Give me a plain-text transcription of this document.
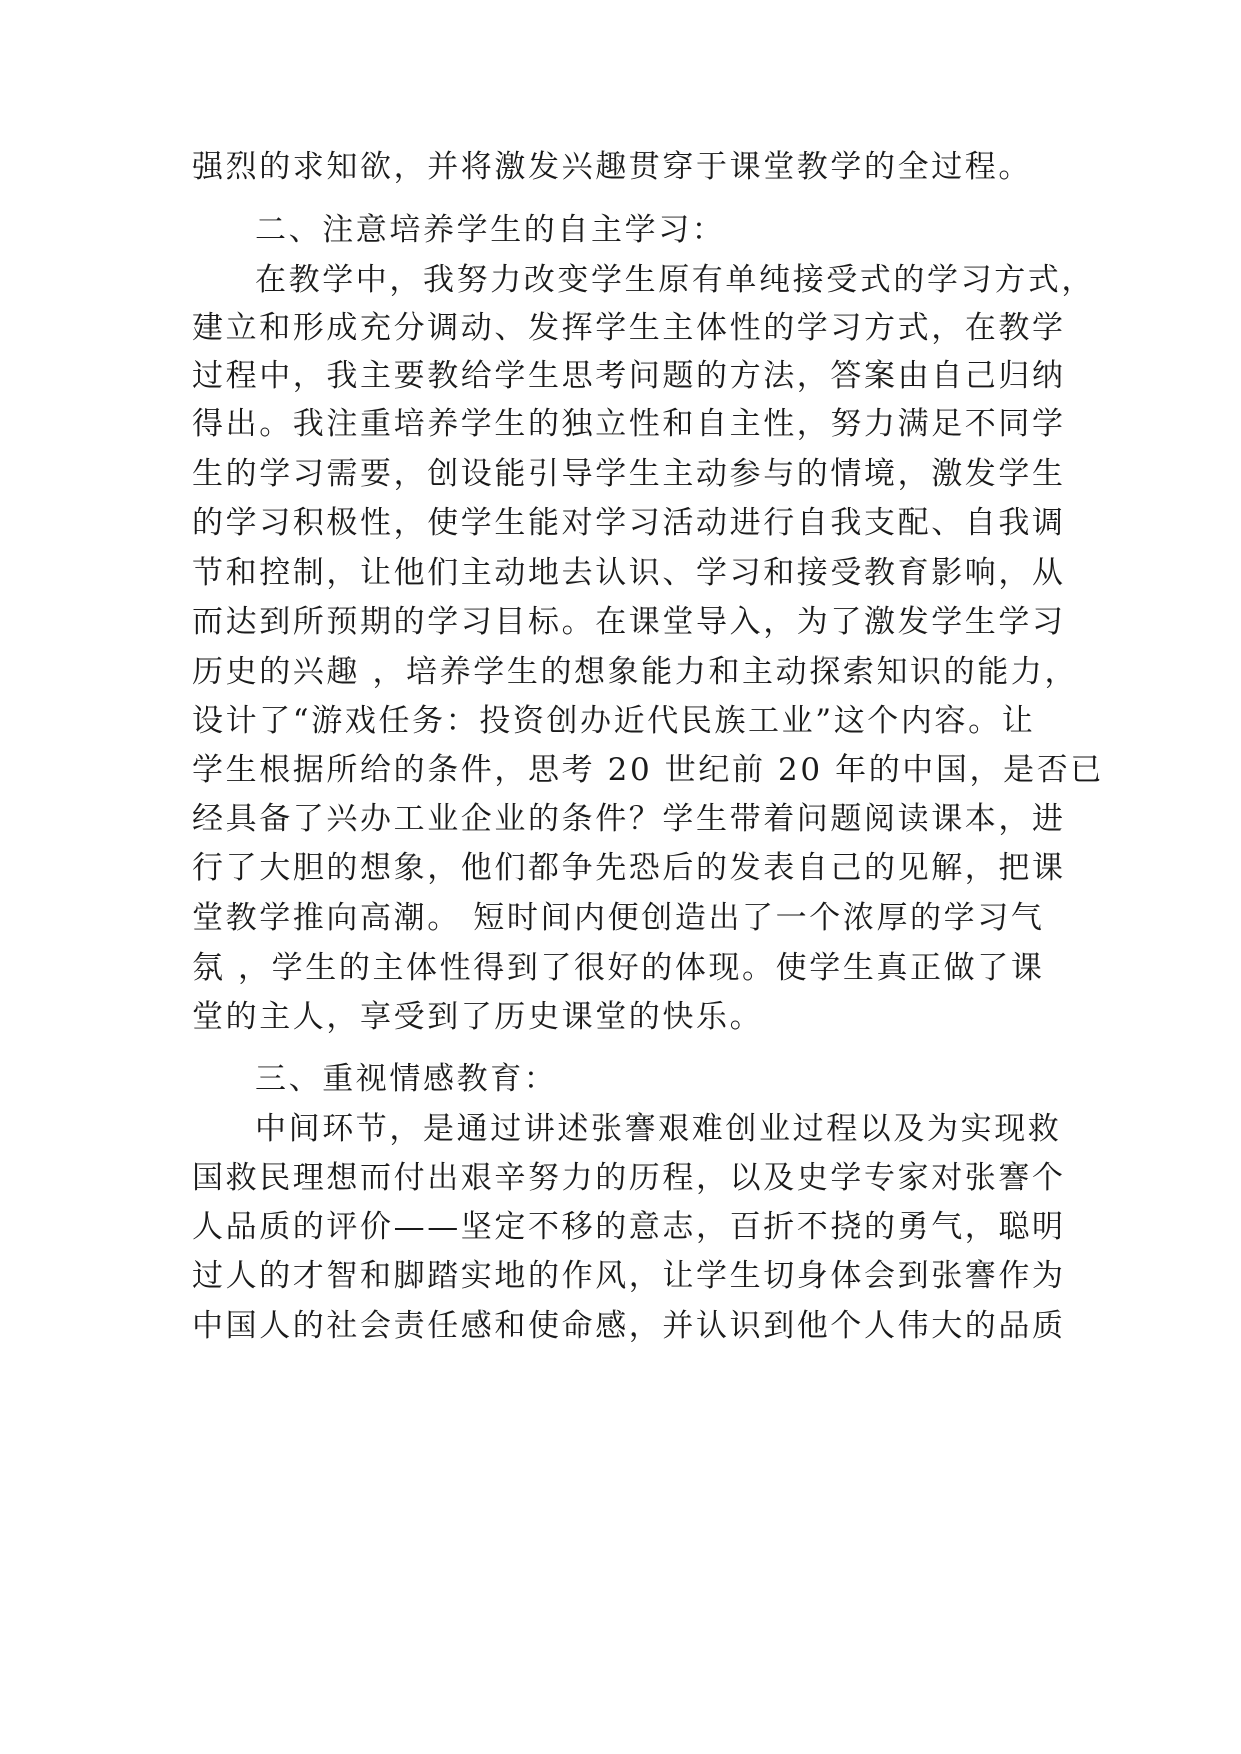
强烈的求知欲，并将激发兴趣贯穿于课堂教学的全过程。
二、注意培养学生的自主学习：
在教学中，我努力改变学生原有单纯接受式的学习方式，
建立和形成充分调动、发挥学生主体性的学习方式，在教学
过程中，我主要教给学生思考问题的方法，答案由自己归纳
得出。我注重培养学生的独立性和自主性，努力满足不同学
生的学习需要，创设能引导学生主动参与的情境，激发学生
的学习积极性，使学生能对学习活动进行自我支配、自我调
节和控制，让他们主动地去认识、学习和接受教育影响，从
而达到所预期的学习目标。在课堂导入，为了激发学生学习
历史的兴趣 ，培养学生的想象能力和主动探索知识的能力，
设计了“游戏任务：投资创办近代民族工业”这个内容。让
学生根据所给的条件，思考 20 世纪前 20 年的中国，是否已
经具备了兴办工业企业的条件？学生带着问题阅读课本，进
行了大胆的想象，他们都争先恐后的发表自己的见解，把课
堂教学推向高潮。 短时间内便创造出了一个浓厚的学习气
氛 ，学生的主体性得到了很好的体现。使学生真正做了课
堂的主人，享受到了历史课堂的快乐。
三、重视情感教育：
中间环节，是通过讲述张謇艰难创业过程以及为实现救
国救民理想而付出艰辛努力的历程，以及史学专家对张謇个
人品质的评价——坚定不移的意志，百折不挠的勇气，聪明
过人的才智和脚踏实地的作风，让学生切身体会到张謇作为
中国人的社会责任感和使命感，并认识到他个人伟大的品质
